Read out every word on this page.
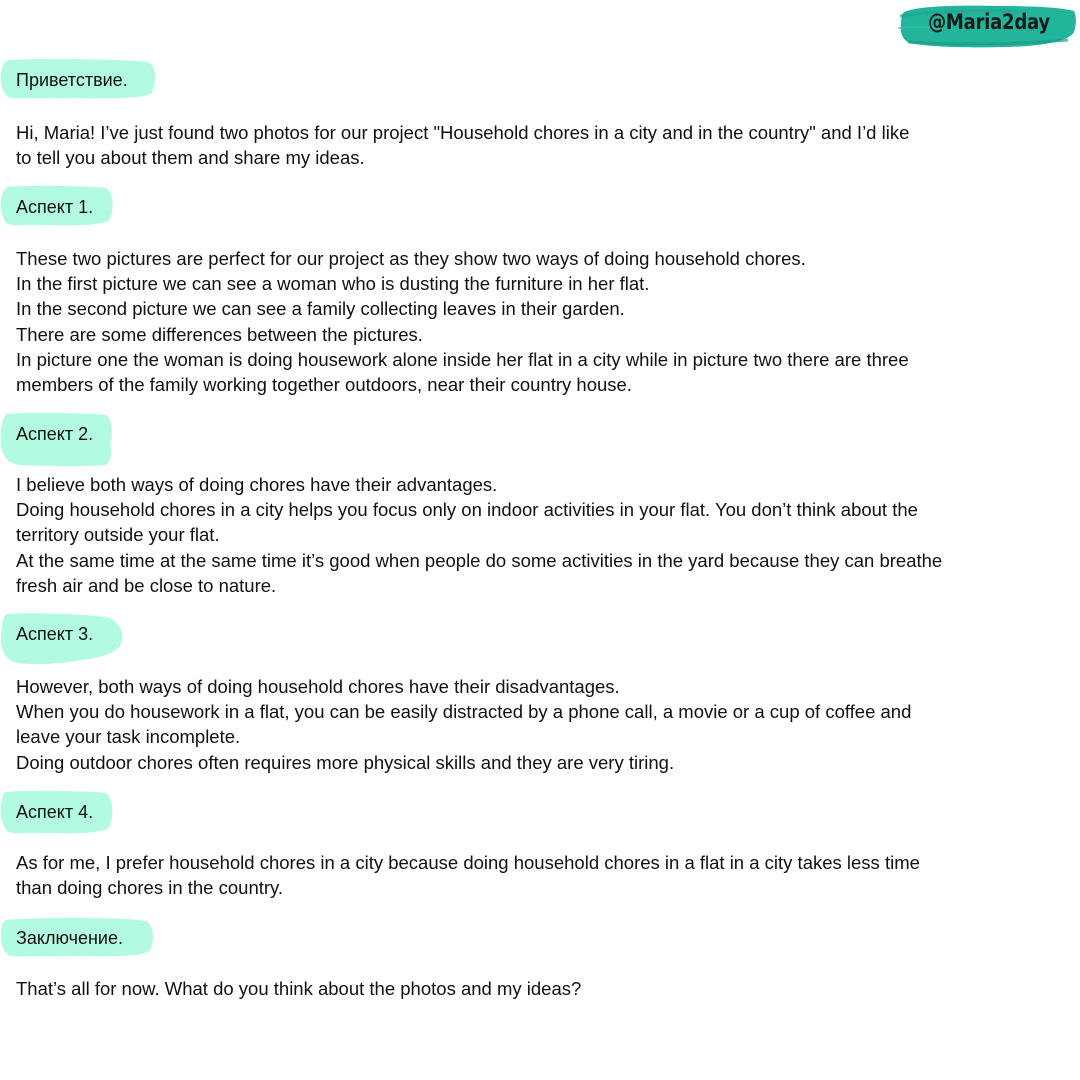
@Maria2day
Приветствие.
Hi, Maria! I’ve just found two photos for our project "Household chores in a city and in the country" and I’d like
to tell you about them and share my ideas.
Аспект 1.
These two pictures are perfect for our project as they show two ways of doing household chores.
In the first picture we can see a woman who is dusting the furniture in her flat.
In the second picture we can see a family collecting leaves in their garden.
There are some differences between the pictures.
In picture one the woman is doing housework alone inside her flat in a city while in picture two there are three
members of the family working together outdoors, near their country house.
Аспект 2.
I believe both ways of doing chores have their advantages.
Doing household chores in a city helps you focus only on indoor activities in your flat. You don’t think about the
territory outside your flat.
At the same time at the same time it’s good when people do some activities in the yard because they can breathe
fresh air and be close to nature.
Аспект 3.
However, both ways of doing household chores have their disadvantages.
When you do housework in a flat, you can be easily distracted by a phone call, a movie or a cup of coffee and
leave your task incomplete.
Doing outdoor chores often requires more physical skills and they are very tiring.
Аспект 4.
As for me, I prefer household chores in a city because doing household chores in a flat in a city takes less time
than doing chores in the country.
Заключение.
That’s all for now. What do you think about the photos and my ideas?
